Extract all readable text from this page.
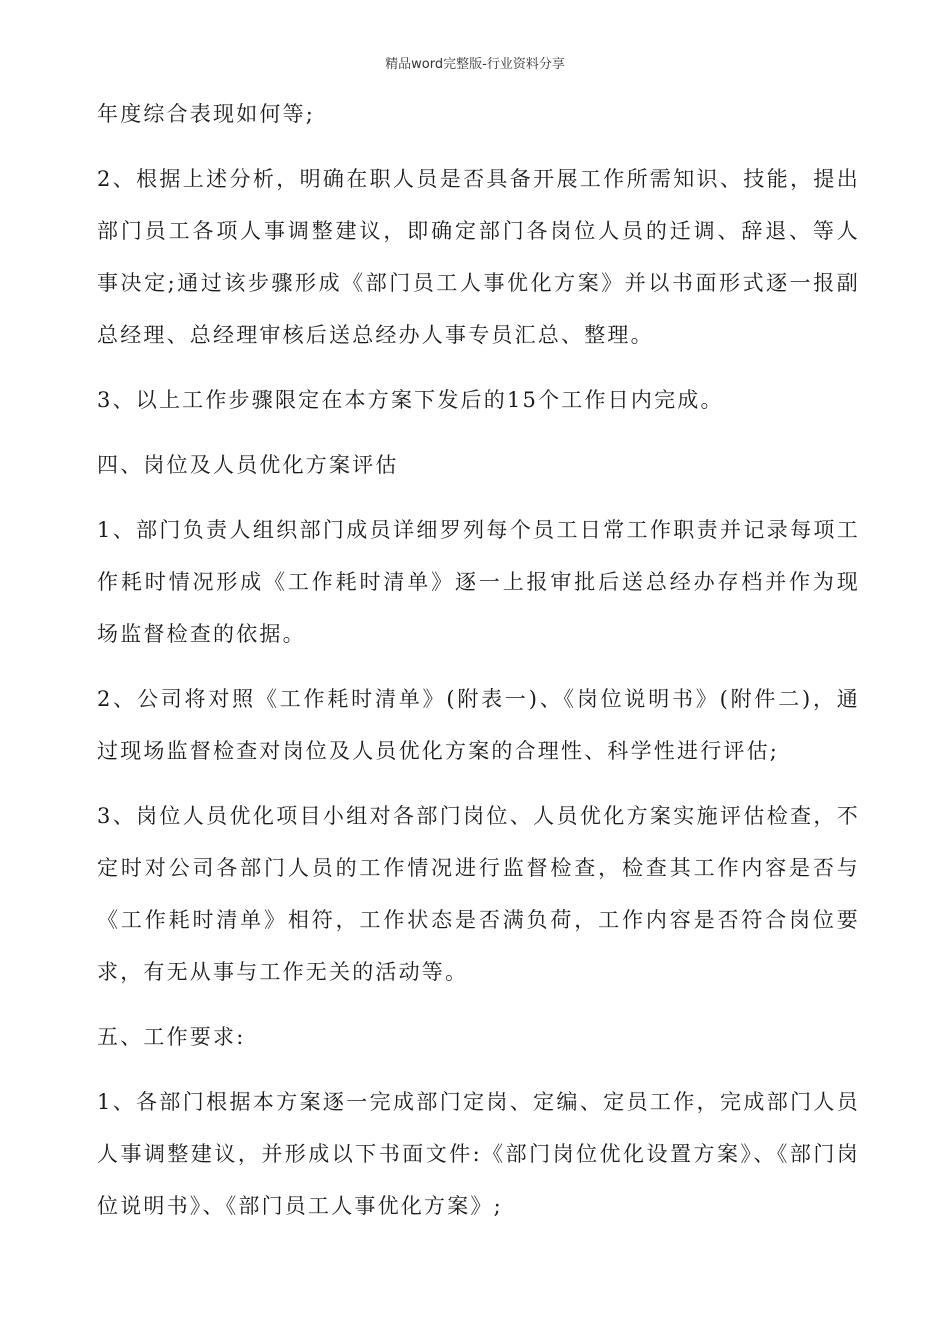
精品word完整版-行业资料分享

年度综合表现如何等;

2、根据上述分析，明确在职人员是否具备开展工作所需知识、技能，提出部门员工各项人事调整建议，即确定部门各岗位人员的迁调、辞退、等人事决定;通过该步骤形成《部门员工人事优化方案》并以书面形式逐一报副总经理、总经理审核后送总经办人事专员汇总、整理。

3、以上工作步骤限定在本方案下发后的15个工作日内完成。

四、岗位及人员优化方案评估

1、部门负责人组织部门成员详细罗列每个员工日常工作职责并记录每项工作耗时情况形成《工作耗时清单》逐一上报审批后送总经办存档并作为现场监督检查的依据。

2、公司将对照《工作耗时清单》(附表一)、《岗位说明书》(附件二)，通过现场监督检查对岗位及人员优化方案的合理性、科学性进行评估;

3、岗位人员优化项目小组对各部门岗位、人员优化方案实施评估检查，不定时对公司各部门人员的工作情况进行监督检查，检查其工作内容是否与《工作耗时清单》相符，工作状态是否满负荷，工作内容是否符合岗位要求，有无从事与工作无关的活动等。

五、工作要求:

1、各部门根据本方案逐一完成部门定岗、定编、定员工作，完成部门人员人事调整建议，并形成以下书面文件:《部门岗位优化设置方案》、《部门岗位说明书》、《部门员工人事优化方案》;
